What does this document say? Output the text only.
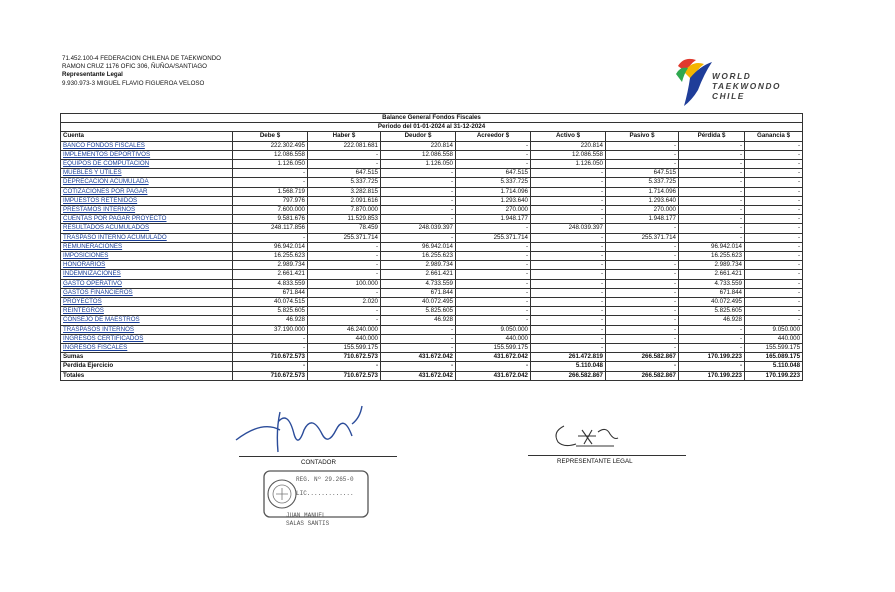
71.452.100-4 FEDERACION CHILENA DE TAEKWONDO
RAMON CRUZ 1176 OFIC 306, ÑUÑOA/SANTIAGO
Representante Legal
9.930.973-3 MIGUEL FLAVIO FIGUEROA VELOSO
WORLD
TAEKWONDO
CHILE
Balance General Fondos Fiscales								
Periodo del 01-01-2024 al 31-12-2024								
Cuenta	Debe $	Haber $	Deudor $	Acreedor $	Activo $	Pasivo $	Pérdida $	Ganancia $
BANCO FONDOS FISCALES	222.302.495	222.081.681	220.814	-	220.814	-	-	-
IMPLEMENTOS DEPORTIVOS	12.086.558	-	12.086.558	-	12.086.558	-	-	-
EQUIPOS DE COMPUTACION	1.126.050	-	1.126.050	-	1.126.050	-	-	-
MUEBLES Y UTILES	-	647.515	-	647.515	-	647.515	-	-
DEPRECACION ACUMULADA	-	5.337.725	-	5.337.725	-	5.337.725	-	-
COTIZACIONES POR PAGAR	1.568.719	3.282.815	-	1.714.096	-	1.714.096	-	-
IMPUESTOS RETENIDOS	797.976	2.091.616	-	1.293.640	-	1.293.640	-	-
PRESTAMOS INTERNOS	7.600.000	7.870.000	-	270.000	-	270.000	-	-
CUENTAS POR PAGAR PROYECTO	9.581.676	11.529.853	-	1.948.177	-	1.948.177	-	-
RESULTADOS ACUMULADOS	248.117.856	78.459	248.039.397	-	248.039.397	-	-	-
TRASPASO INTERNO ACUMULADO	-	255.371.714	-	255.371.714	-	255.371.714	-	-
REMUNERACIONES	96.942.014	-	96.942.014	-	-	-	96.942.014	-
IMPOSICIONES	16.255.623	-	16.255.623	-	-	-	16.255.623	-
HONORARIOS	2.989.734	-	2.989.734	-	-	-	2.989.734	-
INDEMNIZACIONES	2.661.421	-	2.661.421	-	-	-	2.661.421	-
GASTO OPERATIVO	4.833.559	100.000	4.733.559	-	-	-	4.733.559	-
GASTOS FINANCIEROS	671.844	-	671.844	-	-	-	671.844	-
PROYECTOS	40.074.515	2.020	40.072.495	-	-	-	40.072.495	-
REINTEGROS	5.825.605	-	5.825.605	-	-	-	5.825.605	-
CONSEJO DE MAESTROS	46.928	-	46.928	-	-	-	46.928	-
TRASPASOS INTERNOS	37.190.000	46.240.000	-	9.050.000	-	-	-	9.050.000
INGRESOS CERTIFICADOS	-	440.000	-	440.000	-	-	-	440.000
INGRESOS FISCALES	-	155.599.175	-	155.599.175	-	-	-	155.599.175
Sumas	710.672.573	710.672.573	431.672.042	431.672.042	261.472.819	266.582.867	170.199.223	165.089.175
Perdida Ejercicio	-	-	-	-	5.110.048	-	-	5.110.048
Totales	710.672.573	710.672.573	431.672.042	431.672.042	266.582.867	266.582.867	170.199.223	170.199.223
CONTADOR
REG. Nº 29.265-0
LIC.............
JUAN MANUEL
SALAS SANTIS
REPRESENTANTE LEGAL
